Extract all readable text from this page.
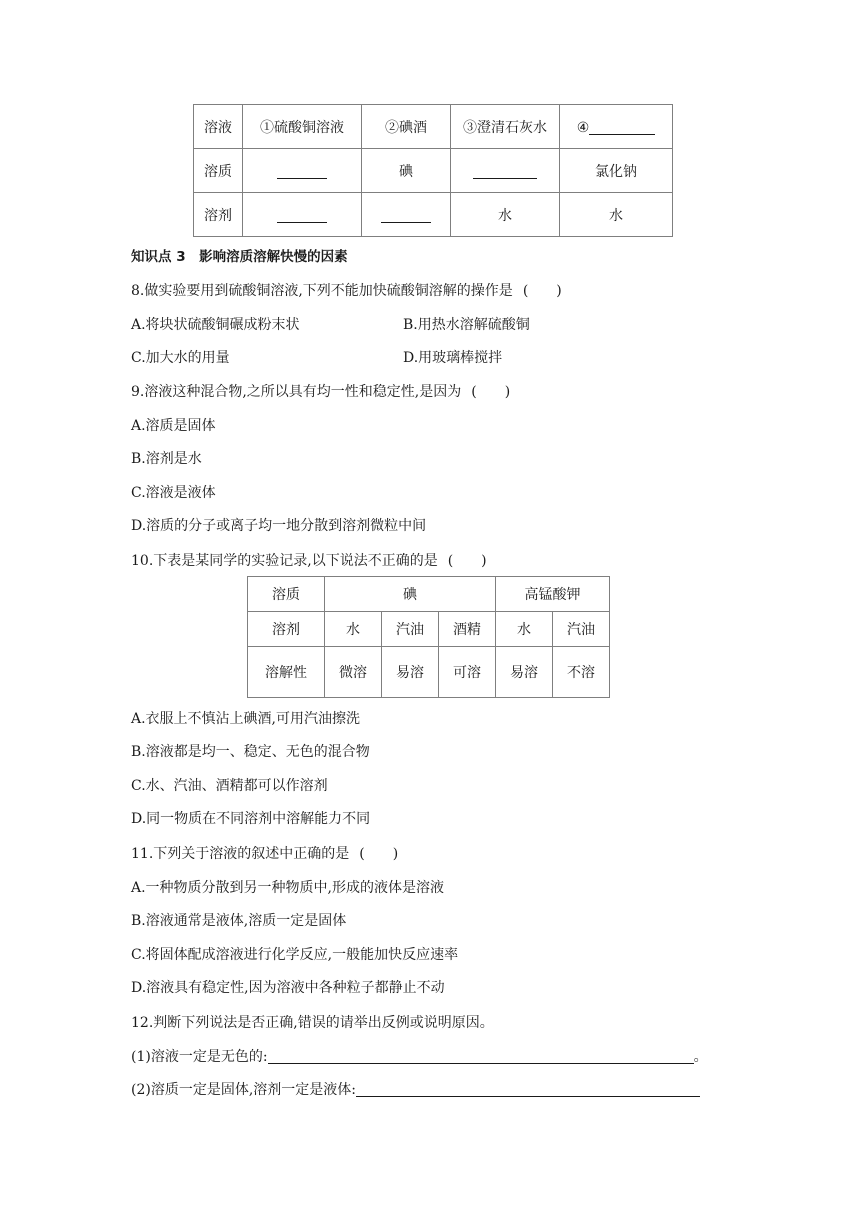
溶液	①硫酸铜溶液	②碘酒	③澄清石灰水	④
溶质		碘		氯化钠
溶剂			水	水
知识点 3　影响溶质溶解快慢的因素
8.做实验要用到硫酸铜溶液,下列不能加快硫酸铜溶解的操作是 (　　)
A.将块状硫酸铜碾成粉末状	B.用热水溶解硫酸铜
C.加大水的用量	D.用玻璃棒搅拌
9.溶液这种混合物,之所以具有均一性和稳定性,是因为 (　　)
A.溶质是固体
B.溶剂是水
C.溶液是液体
D.溶质的分子或离子均一地分散到溶剂微粒中间
10.下表是某同学的实验记录,以下说法不正确的是 (　　)
溶质	碘			高锰酸钾	
溶剂	水	汽油	酒精	水	汽油
溶解性	微溶	易溶	可溶	易溶	不溶
A.衣服上不慎沾上碘酒,可用汽油擦洗
B.溶液都是均一、稳定、无色的混合物
C.水、汽油、酒精都可以作溶剂
D.同一物质在不同溶剂中溶解能力不同
11.下列关于溶液的叙述中正确的是 (　　)
A.一种物质分散到另一种物质中,形成的液体是溶液
B.溶液通常是液体,溶质一定是固体
C.将固体配成溶液进行化学反应,一般能加快反应速率
D.溶液具有稳定性,因为溶液中各种粒子都静止不动
12.判断下列说法是否正确,错误的请举出反例或说明原因。
(1)溶液一定是无色的:	。
(2)溶质一定是固体,溶剂一定是液体:
